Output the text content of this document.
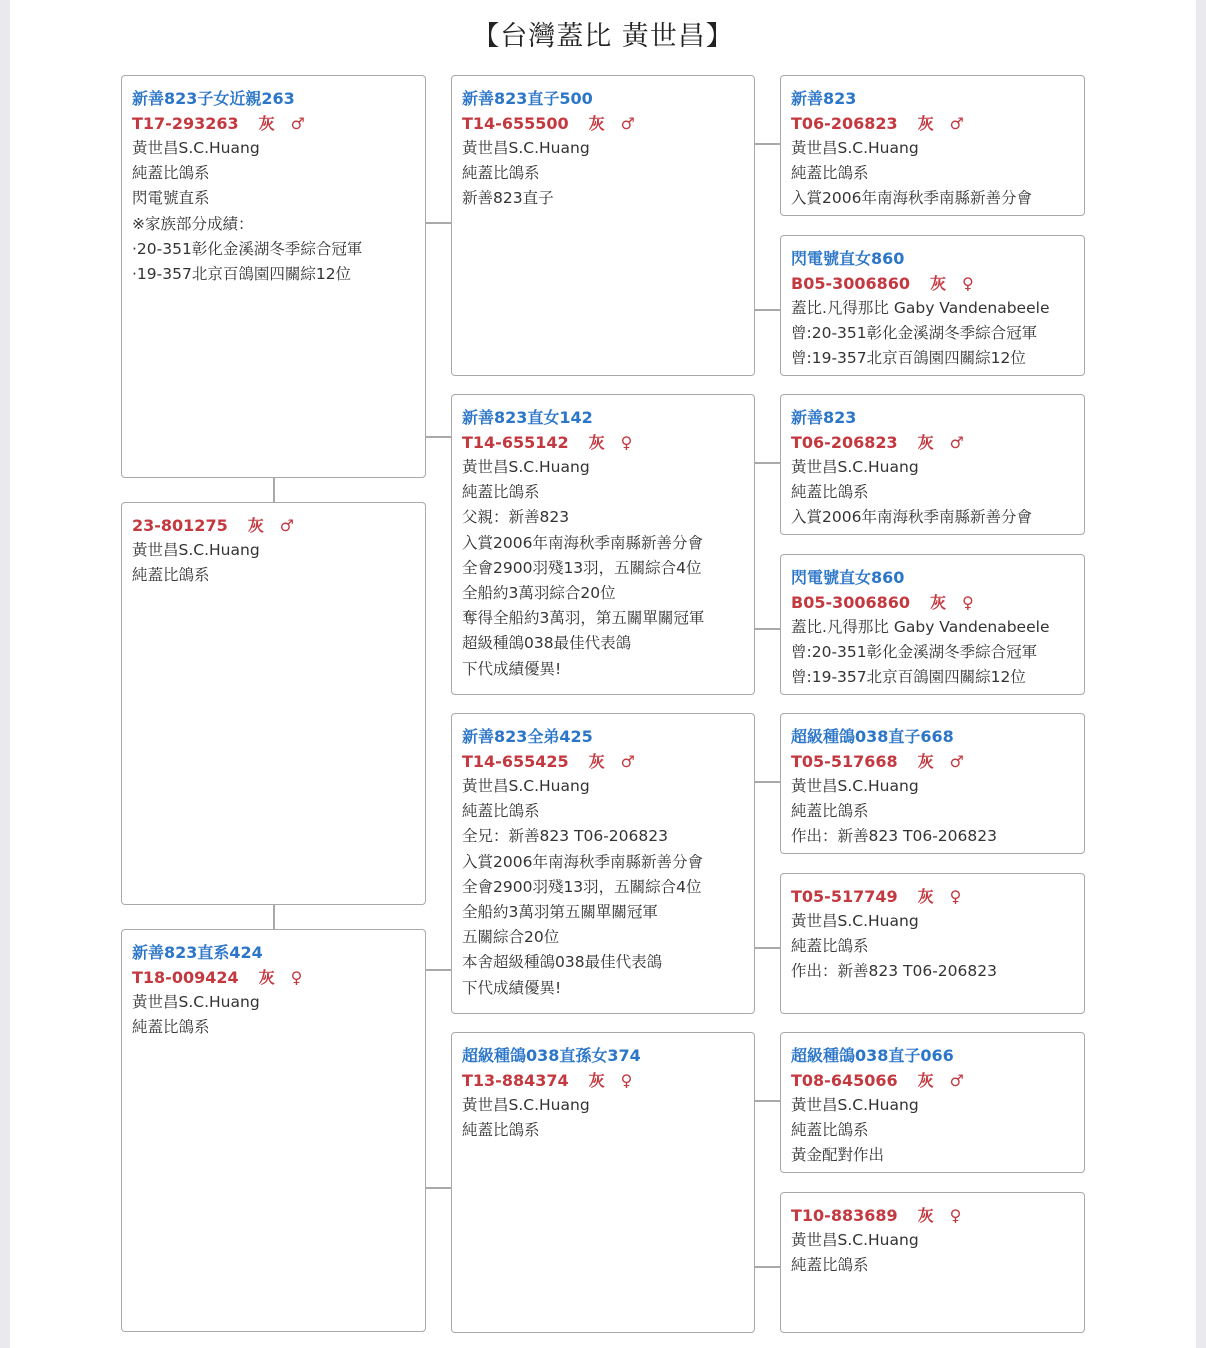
【台灣蓋比 黃世昌】
新善823子女近親263
T17-293263 灰 ♂
黃世昌S.C.Huang
純蓋比鴿系
閃電號直系
※家族部分成績：
·20-351彰化金溪湖冬季綜合冠軍
·19-357北京百鴿園四關綜12位
23-801275 灰 ♂
黃世昌S.C.Huang
純蓋比鴿系
新善823直系424
T18-009424 灰 ♀
黃世昌S.C.Huang
純蓋比鴿系
新善823直子500
T14-655500 灰 ♂
黃世昌S.C.Huang
純蓋比鴿系
新善823直子
新善823直女142
T14-655142 灰 ♀
黃世昌S.C.Huang
純蓋比鴿系
父親：新善823
入賞2006年南海秋季南縣新善分會
全會2900羽殘13羽，五關綜合4位
全船約3萬羽綜合20位
奪得全船約3萬羽，第五關單關冠軍
超級種鴿038最佳代表鴿
下代成績優異!
新善823全弟425
T14-655425 灰 ♂
黃世昌S.C.Huang
純蓋比鴿系
全兄：新善823 T06-206823
入賞2006年南海秋季南縣新善分會
全會2900羽殘13羽，五關綜合4位
全船約3萬羽第五關單關冠軍
五關綜合20位
本舍超級種鴿038最佳代表鴿
下代成績優異!
超級種鴿038直孫女374
T13-884374 灰 ♀
黃世昌S.C.Huang
純蓋比鴿系
新善823
T06-206823 灰 ♂
黃世昌S.C.Huang
純蓋比鴿系
入賞2006年南海秋季南縣新善分會
閃電號直女860
B05-3006860 灰 ♀
蓋比.凡得那比 Gaby Vandenabeele
曾:20-351彰化金溪湖冬季綜合冠軍
曾:19-357北京百鴿園四關綜12位
新善823
T06-206823 灰 ♂
黃世昌S.C.Huang
純蓋比鴿系
入賞2006年南海秋季南縣新善分會
閃電號直女860
B05-3006860 灰 ♀
蓋比.凡得那比 Gaby Vandenabeele
曾:20-351彰化金溪湖冬季綜合冠軍
曾:19-357北京百鴿園四關綜12位
超級種鴿038直子668
T05-517668 灰 ♂
黃世昌S.C.Huang
純蓋比鴿系
作出：新善823 T06-206823
T05-517749 灰 ♀
黃世昌S.C.Huang
純蓋比鴿系
作出：新善823 T06-206823
超級種鴿038直子066
T08-645066 灰 ♂
黃世昌S.C.Huang
純蓋比鴿系
黃金配對作出
T10-883689 灰 ♀
黃世昌S.C.Huang
純蓋比鴿系
